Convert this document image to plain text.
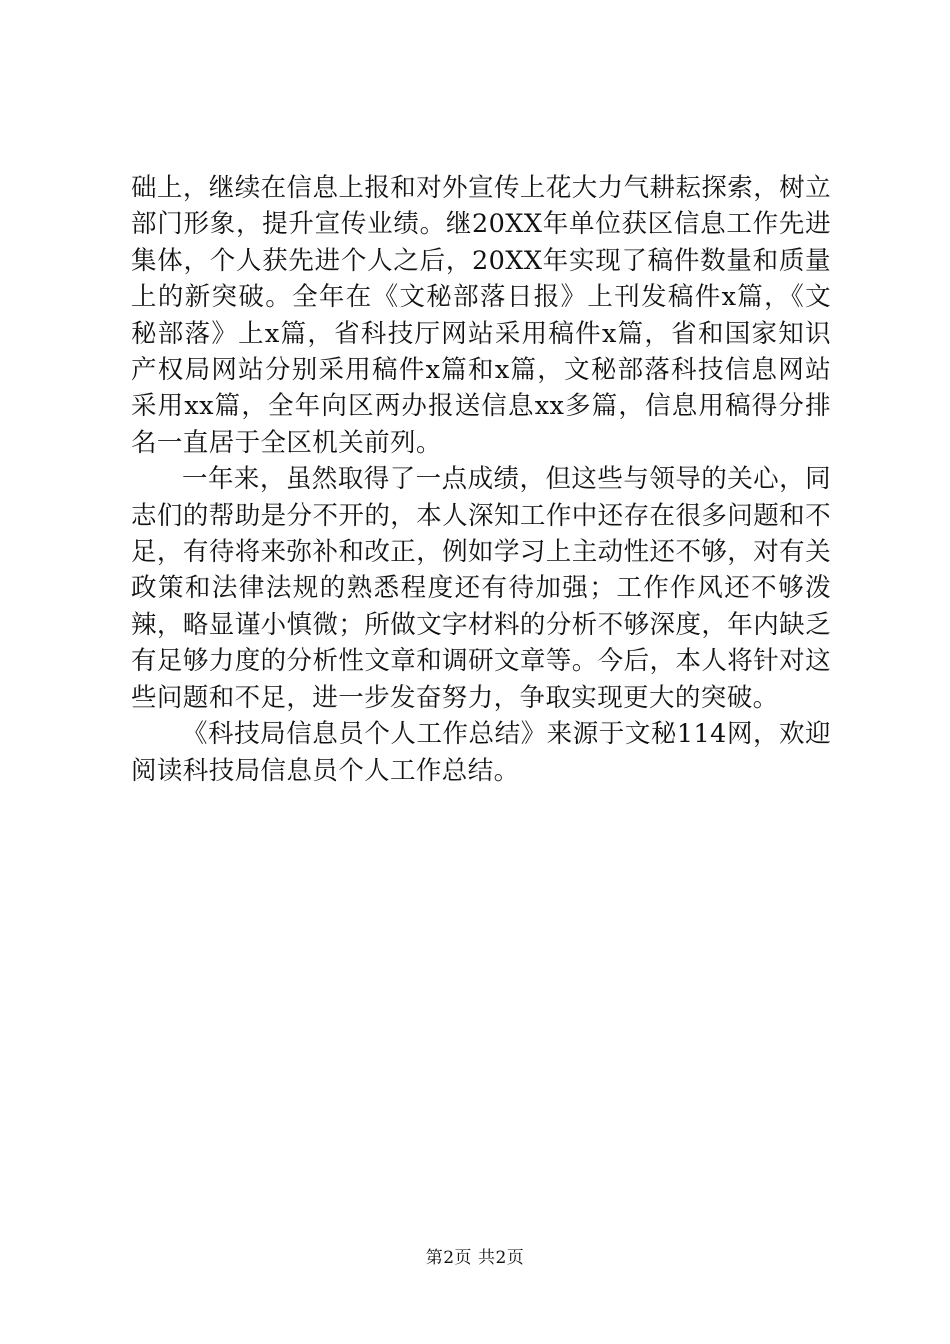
础上，继续在信息上报和对外宣传上花大力气耕耘探索，树立部门形象，提升宣传业绩。继20XX年单位获区信息工作先进集体，个人获先进个人之后，20XX年实现了稿件数量和质量上的新突破。全年在《文秘部落日报》上刊发稿件x篇，《文秘部落》上x篇，省科技厅网站采用稿件x篇，省和国家知识产权局网站分别采用稿件x篇和x篇，文秘部落科技信息网站采用xx篇，全年向区两办报送信息xx多篇，信息用稿得分排名一直居于全区机关前列。

一年来，虽然取得了一点成绩，但这些与领导的关心，同志们的帮助是分不开的，本人深知工作中还存在很多问题和不足，有待将来弥补和改正，例如学习上主动性还不够，对有关政策和法律法规的熟悉程度还有待加强；工作作风还不够泼辣，略显谨小慎微；所做文字材料的分析不够深度，年内缺乏有足够力度的分析性文章和调研文章等。今后，本人将针对这些问题和不足，进一步发奋努力，争取实现更大的突破。

《科技局信息员个人工作总结》来源于文秘114网，欢迎阅读科技局信息员个人工作总结。

第2页 共2页
